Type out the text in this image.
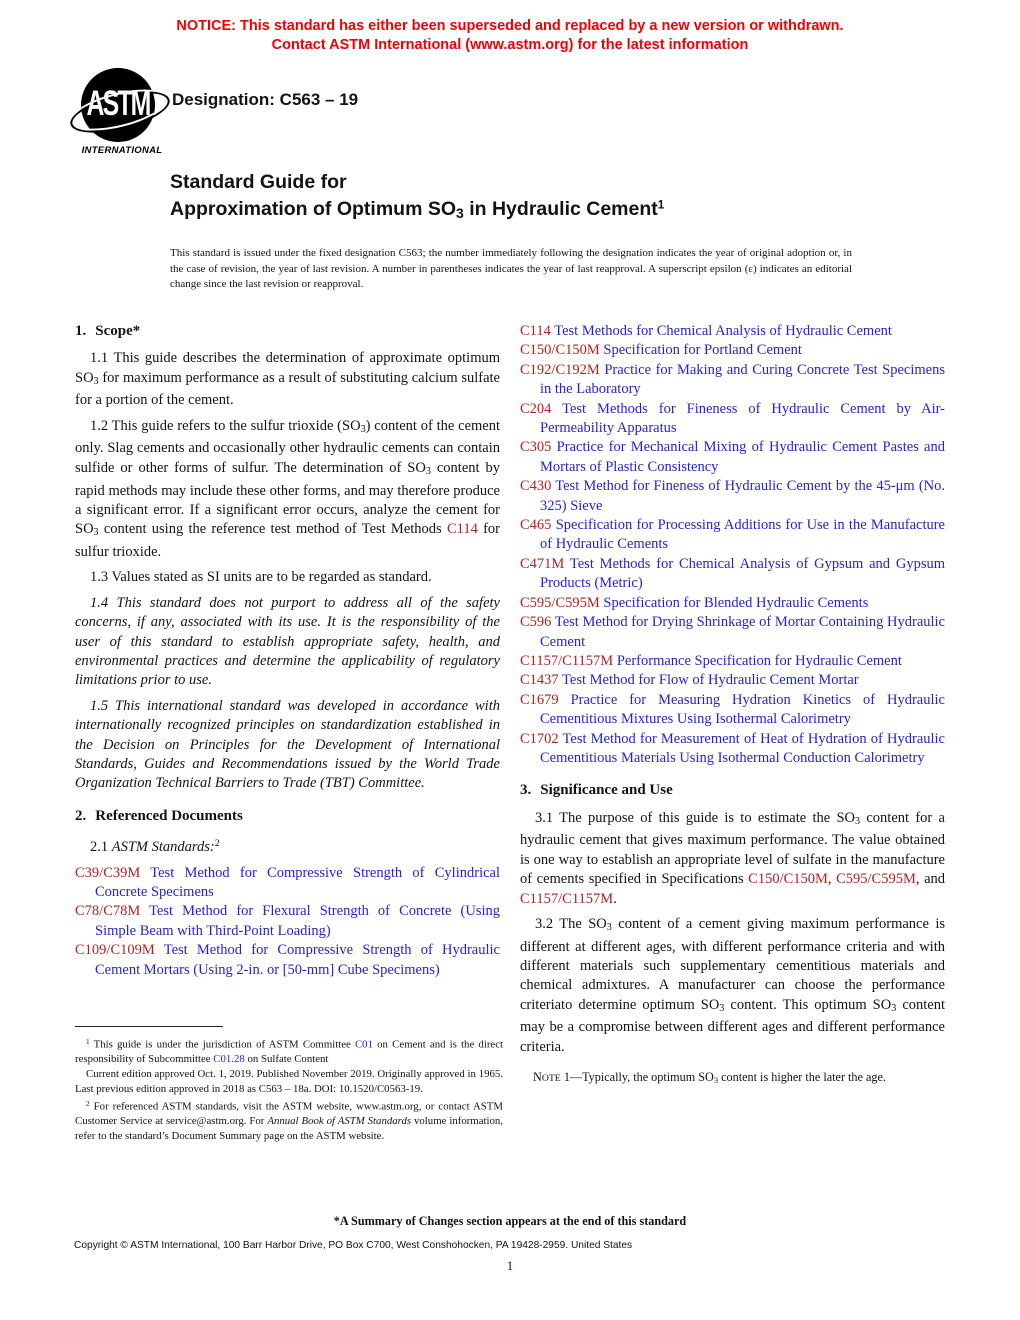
NOTICE: This standard has either been superseded and replaced by a new version or withdrawn.
Contact ASTM International (www.astm.org) for the latest information
ASTM
INTERNATIONAL
Designation: C563 – 19
Standard Guide for
Approximation of Optimum $SO_3$ in Hydraulic Cement$^1$

This standard is issued under the fixed designation C563; the number immediately following the designation indicates the year of original adoption or, in the case of revision, the year of last revision. A number in parentheses indicates the year of last reapproval. A superscript epsilon (ε) indicates an editorial change since the last revision or reapproval.

1. Scope*

1.1 This guide describes the determination of approximate optimum $SO_3$ for maximum performance as a result of substituting calcium sulfate for a portion of the cement.

1.2 This guide refers to the sulfur trioxide $(SO_3)$ content of the cement only. Slag cements and occasionally other hydraulic cements can contain sulfide or other forms of sulfur. The determination of $SO_3$ content by rapid methods may include these other forms, and may therefore produce a significant error. If a significant error occurs, analyze the cement for $SO_3$ content using the reference test method of Test Methods C114 for sulfur trioxide.

1.3 Values stated as SI units are to be regarded as standard.

1.4 This standard does not purport to address all of the safety concerns, if any, associated with its use. It is the responsibility of the user of this standard to establish appropriate safety, health, and environmental practices and determine the applicability of regulatory limitations prior to use.

1.5 This international standard was developed in accordance with internationally recognized principles on standardization established in the Decision on Principles for the Development of International Standards, Guides and Recommendations issued by the World Trade Organization Technical Barriers to Trade (TBT) Committee.

2. Referenced Documents

2.1 ASTM Standards:$^2$

C39/C39M Test Method for Compressive Strength of Cylindrical Concrete Specimens

C78/C78M Test Method for Flexural Strength of Concrete (Using Simple Beam with Third-Point Loading)

C109/C109M Test Method for Compressive Strength of Hydraulic Cement Mortars (Using 2-in. or [50-mm] Cube Specimens)

C114 Test Methods for Chemical Analysis of Hydraulic Cement

C150/C150M Specification for Portland Cement

C192/C192M Practice for Making and Curing Concrete Test Specimens in the Laboratory

C204 Test Methods for Fineness of Hydraulic Cement by Air-Permeability Apparatus

C305 Practice for Mechanical Mixing of Hydraulic Cement Pastes and Mortars of Plastic Consistency

C430 Test Method for Fineness of Hydraulic Cement by the 45-μm (No. 325) Sieve

C465 Specification for Processing Additions for Use in the Manufacture of Hydraulic Cements

C471M Test Methods for Chemical Analysis of Gypsum and Gypsum Products (Metric)

C595/C595M Specification for Blended Hydraulic Cements

C596 Test Method for Drying Shrinkage of Mortar Containing Hydraulic Cement

C1157/C1157M Performance Specification for Hydraulic Cement

C1437 Test Method for Flow of Hydraulic Cement Mortar

C1679 Practice for Measuring Hydration Kinetics of Hydraulic Cementitious Mixtures Using Isothermal Calorimetry

C1702 Test Method for Measurement of Heat of Hydration of Hydraulic Cementitious Materials Using Isothermal Conduction Calorimetry

3. Significance and Use

3.1 The purpose of this guide is to estimate the $SO_3$ content for a hydraulic cement that gives maximum performance. The value obtained is one way to establish an appropriate level of sulfate in the manufacture of cements specified in Specifications C150/C150M, C595/C595M, and C1157/C1157M.

3.2 The $SO_3$ content of a cement giving maximum performance is different at different ages, with different performance criteria and with different materials such supplementary cementitious materials and chemical admixtures. A manufacturer can choose the performance criteriato determine optimum $SO_3$ content. This optimum $SO_3$ content may be a compromise between different ages and different performance criteria.

NOTE 1—Typically, the optimum $SO_3$ content is higher the later the age.

$^1$ This guide is under the jurisdiction of ASTM Committee C01 on Cement and is the direct responsibility of Subcommittee C01.28 on Sulfate Content

Current edition approved Oct. 1, 2019. Published November 2019. Originally approved in 1965. Last previous edition approved in 2018 as C563 – 18a. DOI: 10.1520/C0563-19.

$^2$ For referenced ASTM standards, visit the ASTM website, www.astm.org, or contact ASTM Customer Service at service@astm.org. For Annual Book of ASTM Standards volume information, refer to the standard’s Document Summary page on the ASTM website.

*A Summary of Changes section appears at the end of this standard
Copyright © ASTM International, 100 Barr Harbor Drive, PO Box C700, West Conshohocken, PA 19428-2959. United States
1
